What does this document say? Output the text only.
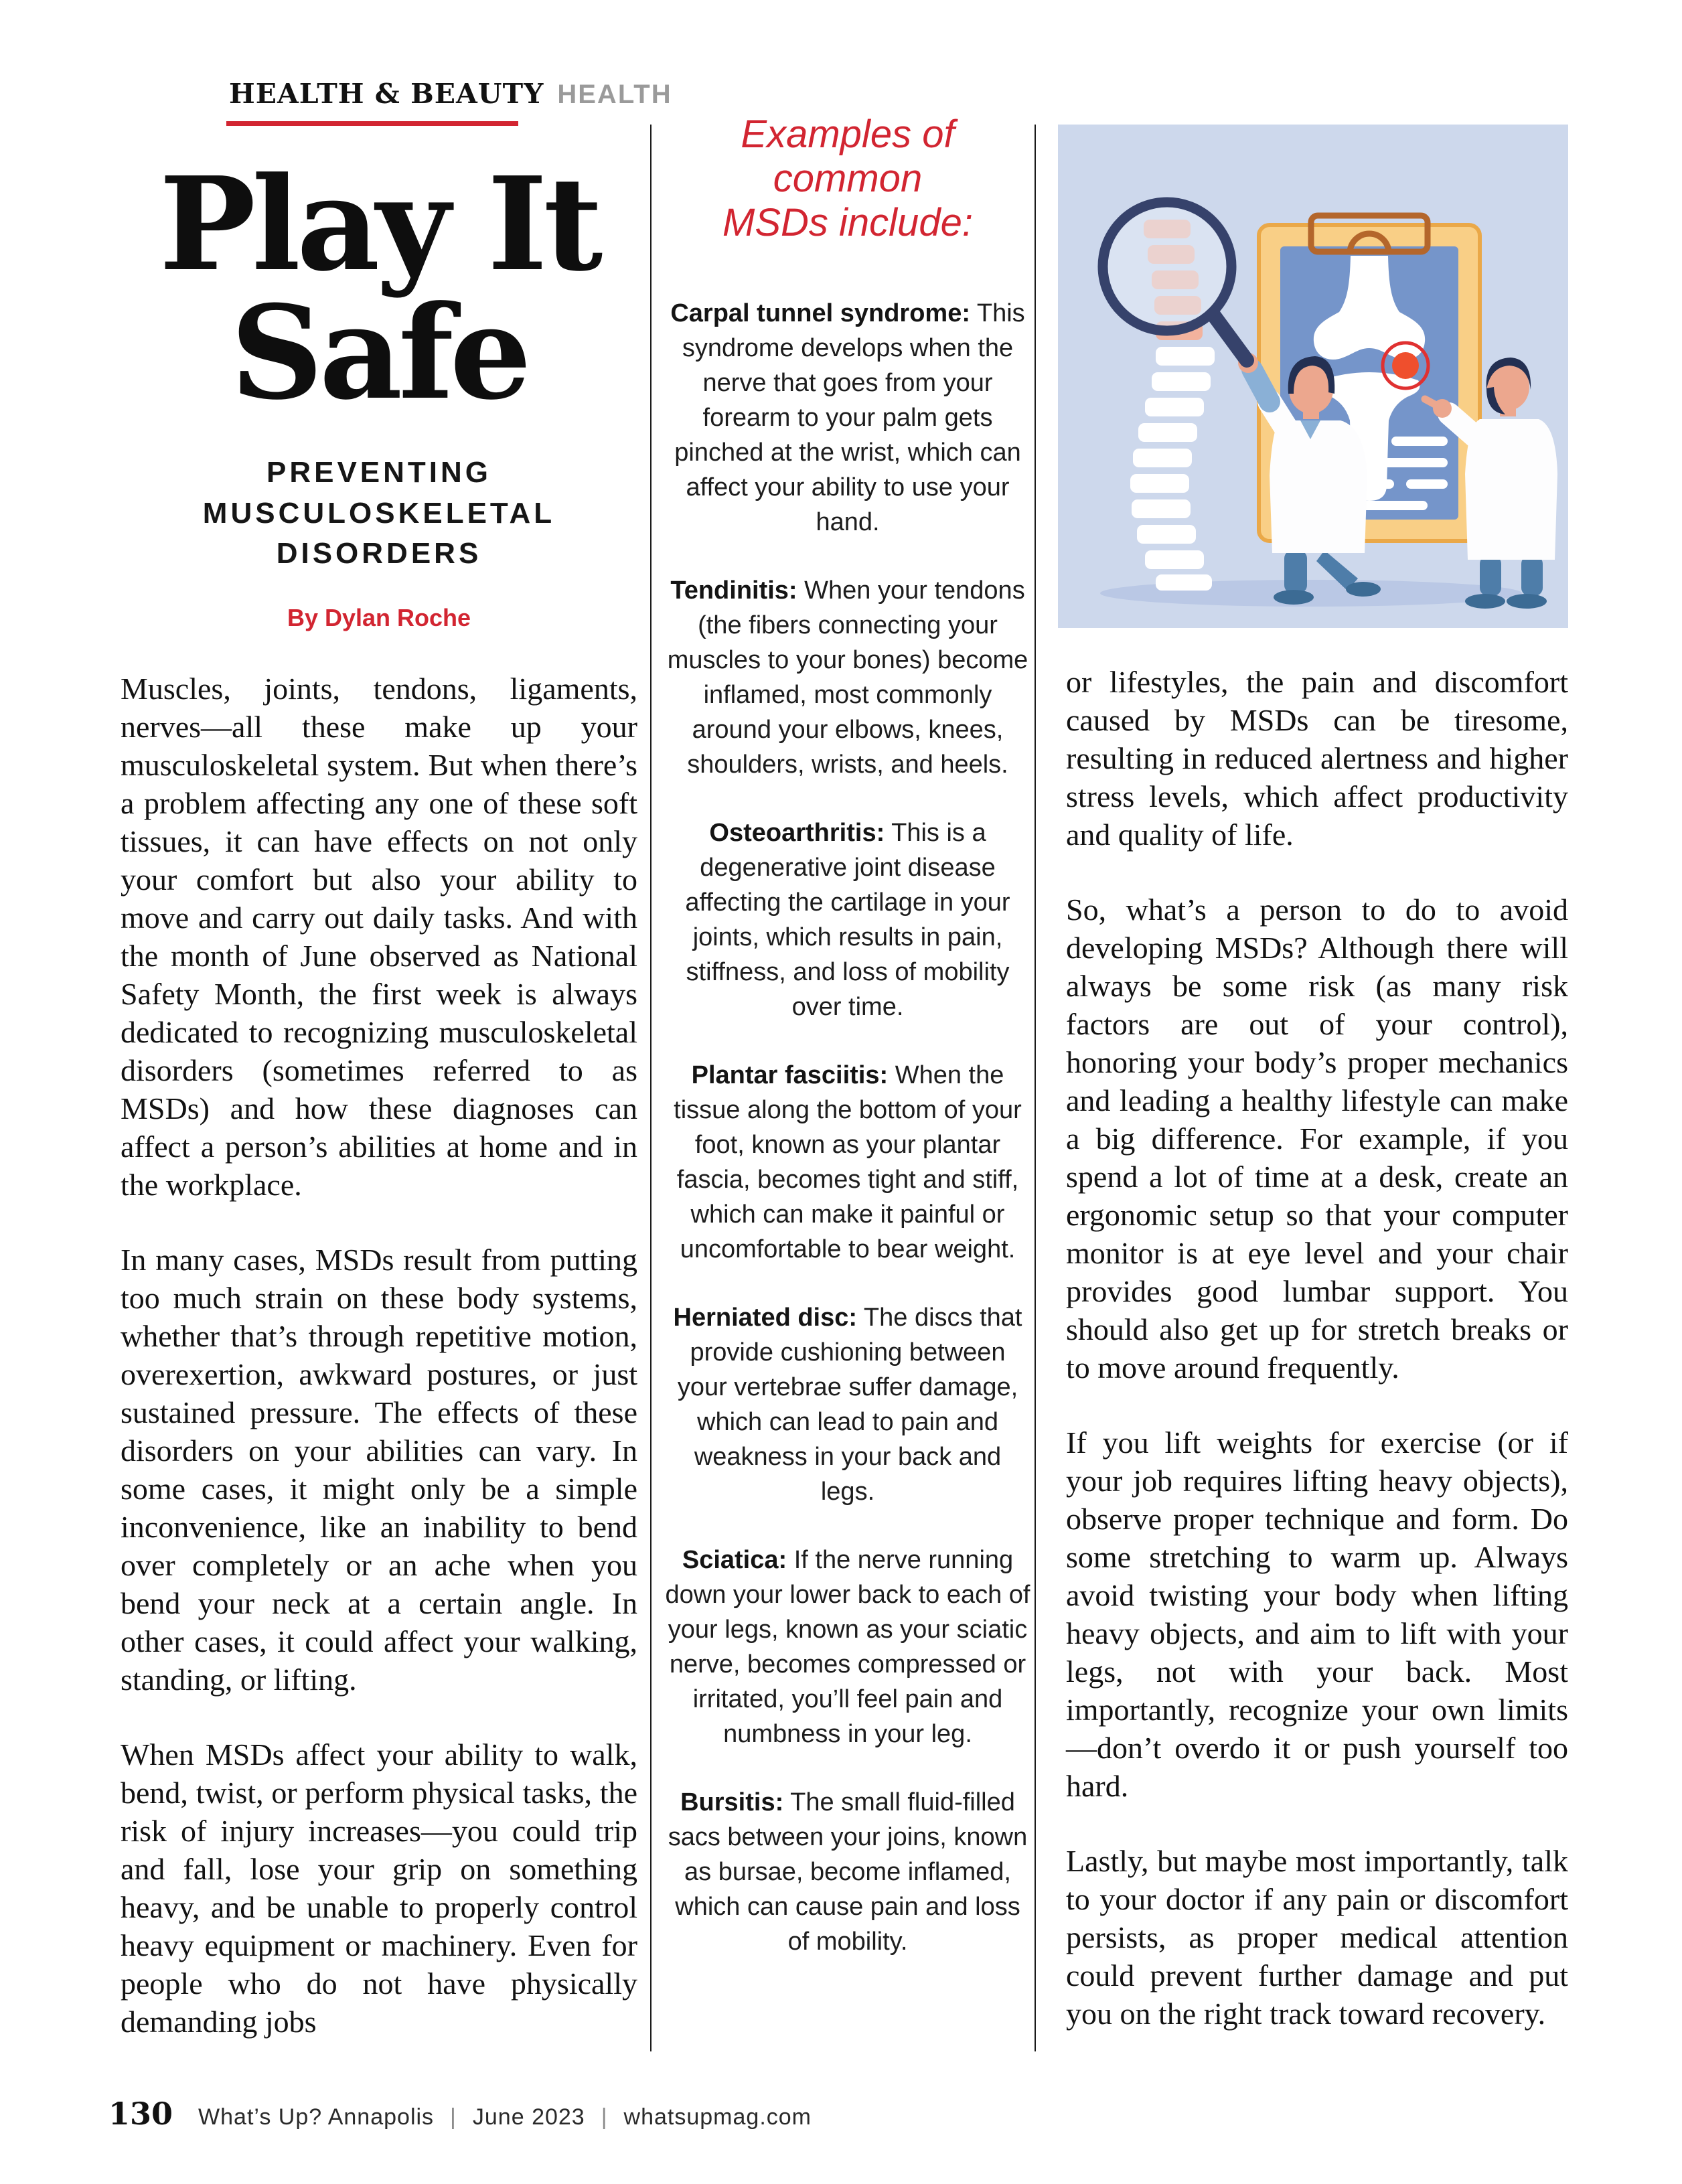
HEALTH & BEAUTY HEALTH
Play It
Safe
PREVENTING
MUSCULOSKELETAL
DISORDERS
By Dylan Roche

Muscles, joints, tendons, ligaments, nerves—all these make up your musculoskeletal system. But when there’s a problem affecting any one of these soft tissues, it can have effects on not only your comfort but also your ability to move and carry out daily tasks. And with the month of June observed as National Safety Month, the first week is always dedicated to recognizing musculoskeletal disorders (sometimes referred to as MSDs) and how these diagnoses can affect a person’s abilities at home and in the workplace.

In many cases, MSDs result from putting too much strain on these body systems, whether that’s through repetitive motion, overexertion, awkward postures, or just sustained pressure. The effects of these disorders on your abilities can vary. In some cases, it might only be a simple inconvenience, like an inability to bend over completely or an ache when you bend your neck at a certain angle. In other cases, it could affect your walking, standing, or lifting.

When MSDs affect your ability to walk, bend, twist, or perform physical tasks, the risk of injury increases—you could trip and fall, lose your grip on something heavy, and be unable to properly control heavy equipment or machinery. Even for people who do not have physically demanding jobs

Examples of
common
MSDs include:

Carpal tunnel syndrome: This syndrome develops when the nerve that goes from your forearm to your palm gets pinched at the wrist, which can affect your ability to use your hand.

Tendinitis: When your tendons (the fibers connecting your muscles to your bones) become inflamed, most commonly around your elbows, knees, shoulders, wrists, and heels.

Osteoarthritis: This is a degenerative joint disease affecting the cartilage in your joints, which results in pain, stiffness, and loss of mobility over time.

Plantar fasciitis: When the tissue along the bottom of your foot, known as your plantar fascia, becomes tight and stiff, which can make it painful or uncomfortable to bear weight.

Herniated disc: The discs that provide cushioning between your vertebrae suffer damage, which can lead to pain and weakness in your back and legs.

Sciatica: If the nerve running down your lower back to each of your legs, known as your sciatic nerve, becomes compressed or irritated, you’ll feel pain and numbness in your leg.

Bursitis: The small fluid-filled sacs between your joins, known as bursae, become inflamed, which can cause pain and loss of mobility.

or lifestyles, the pain and discomfort caused by MSDs can be tiresome, resulting in reduced alertness and higher stress levels, which affect productivity and quality of life.

So, what’s a person to do to avoid developing MSDs? Although there will always be some risk (as many risk factors are out of your control), honoring your body’s proper mechanics and leading a healthy lifestyle can make a big difference. For example, if you spend a lot of time at a desk, create an ergonomic setup so that your computer monitor is at eye level and your chair provides good lumbar support. You should also get up for stretch breaks or to move around frequently.

If you lift weights for exercise (or if your job requires lifting heavy objects), observe proper technique and form. Do some stretching to warm up. Always avoid twisting your body when lifting heavy objects, and aim to lift with your legs, not with your back. Most importantly, recognize your own limits—don’t overdo it or push yourself too hard.

Lastly, but maybe most importantly, talk to your doctor if any pain or discomfort persists, as proper medical attention could prevent further damage and put you on the right track toward recovery.

130 What’s Up? Annapolis | June 2023 | whatsupmag.com
